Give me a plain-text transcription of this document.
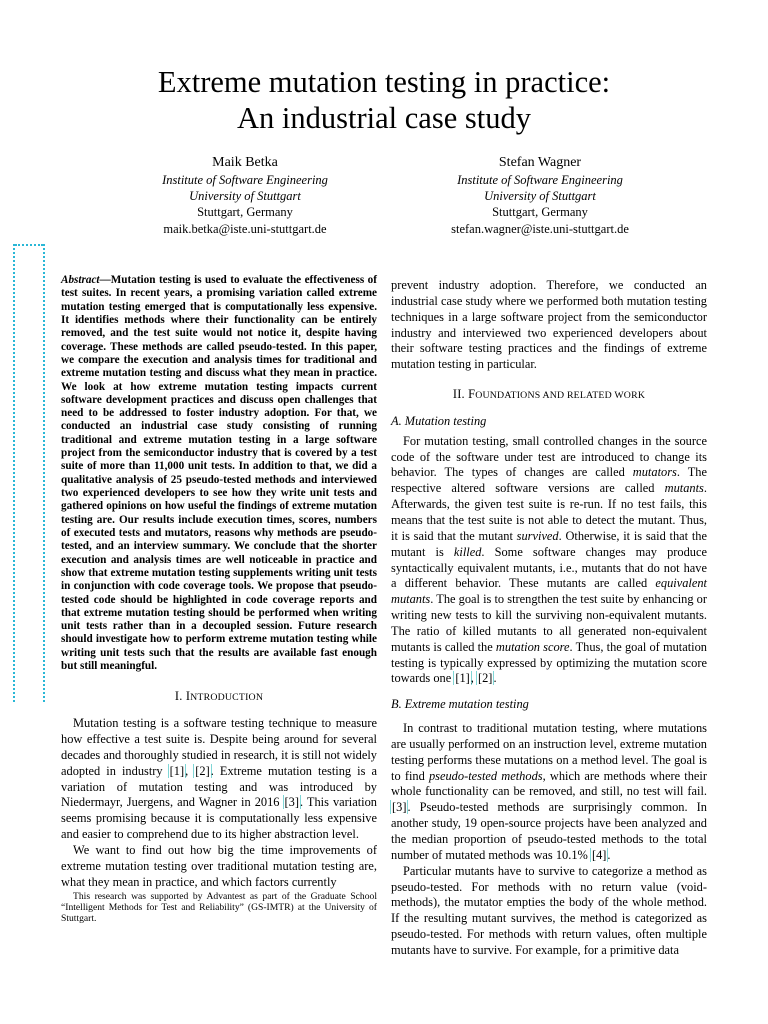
Extreme mutation testing in practice:
An industrial case study
Maik Betka
Institute of Software Engineering
University of Stuttgart
Stuttgart, Germany
maik.betka@iste.uni-stuttgart.de
Stefan Wagner
Institute of Software Engineering
University of Stuttgart
Stuttgart, Germany
stefan.wagner@iste.uni-stuttgart.de

Abstract—Mutation testing is used to evaluate the effectiveness of test suites. In recent years, a promising variation called extreme mutation testing emerged that is computationally less expensive. It identifies methods where their functionality can be entirely removed, and the test suite would not notice it, despite having coverage. These methods are called pseudo-tested. In this paper, we compare the execution and analysis times for traditional and extreme mutation testing and discuss what they mean in practice. We look at how extreme mutation testing impacts current software development practices and discuss open challenges that need to be addressed to foster industry adoption. For that, we conducted an industrial case study consisting of running traditional and extreme mutation testing in a large software project from the semiconductor industry that is covered by a test suite of more than 11,000 unit tests. In addition to that, we did a qualitative analysis of 25 pseudo-tested methods and interviewed two experienced developers to see how they write unit tests and gathered opinions on how useful the findings of extreme mutation testing are. Our results include execution times, scores, numbers of executed tests and mutators, reasons why methods are pseudo-tested, and an interview summary. We conclude that the shorter execution and analysis times are well noticeable in practice and show that extreme mutation testing supplements writing unit tests in conjunction with code coverage tools. We propose that pseudo-tested code should be highlighted in code coverage reports and that extreme mutation testing should be performed when writing unit tests rather than in a decoupled session. Future research should investigate how to perform extreme mutation testing while writing unit tests such that the results are available fast enough but still meaningful.

I. INTRODUCTION

Mutation testing is a software testing technique to measure how effective a test suite is. Despite being around for several decades and thoroughly studied in research, it is still not widely adopted in industry [1], [2]. Extreme mutation testing is a variation of mutation testing and was introduced by Niedermayr, Juergens, and Wagner in 2016 [3]. This variation seems promising because it is computationally less expensive and easier to comprehend due to its higher abstraction level.

We want to find out how big the time improvements of extreme mutation testing over traditional mutation testing are, what they mean in practice, and which factors currently

This research was supported by Advantest as part of the Graduate School “Intelligent Methods for Test and Reliability” (GS-IMTR) at the University of Stuttgart.

prevent industry adoption. Therefore, we conducted an industrial case study where we performed both mutation testing techniques in a large software project from the semiconductor industry and interviewed two experienced developers about their software testing practices and the findings of extreme mutation testing in particular.

II. FOUNDATIONS AND RELATED WORK
A. Mutation testing

For mutation testing, small controlled changes in the source code of the software under test are introduced to change its behavior. The types of changes are called mutators. The respective altered software versions are called mutants. Afterwards, the given test suite is re-run. If no test fails, this means that the test suite is not able to detect the mutant. Thus, it is said that the mutant survived. Otherwise, it is said that the mutant is killed. Some software changes may produce syntactically equivalent mutants, i.e., mutants that do not have a different behavior. These mutants are called equivalent mutants. The goal is to strengthen the test suite by enhancing or writing new tests to kill the surviving non-equivalent mutants. The ratio of killed mutants to all generated non-equivalent mutants is called the mutation score. Thus, the goal of mutation testing is typically expressed by optimizing the mutation score towards one [1], [2].

B. Extreme mutation testing

In contrast to traditional mutation testing, where mutations are usually performed on an instruction level, extreme mutation testing performs these mutations on a method level. The goal is to find pseudo-tested methods, which are methods where their whole functionality can be removed, and still, no test will fail. [3]. Pseudo-tested methods are surprisingly common. In another study, 19 open-source projects have been analyzed and the median proportion of pseudo-tested methods to the total number of mutated methods was 10.1% [4].

Particular mutants have to survive to categorize a method as pseudo-tested. For methods with no return value (void-methods), the mutator empties the body of the whole method. If the resulting mutant survives, the method is categorized as pseudo-tested. For methods with return values, often multiple mutants have to survive. For example, for a primitive data
